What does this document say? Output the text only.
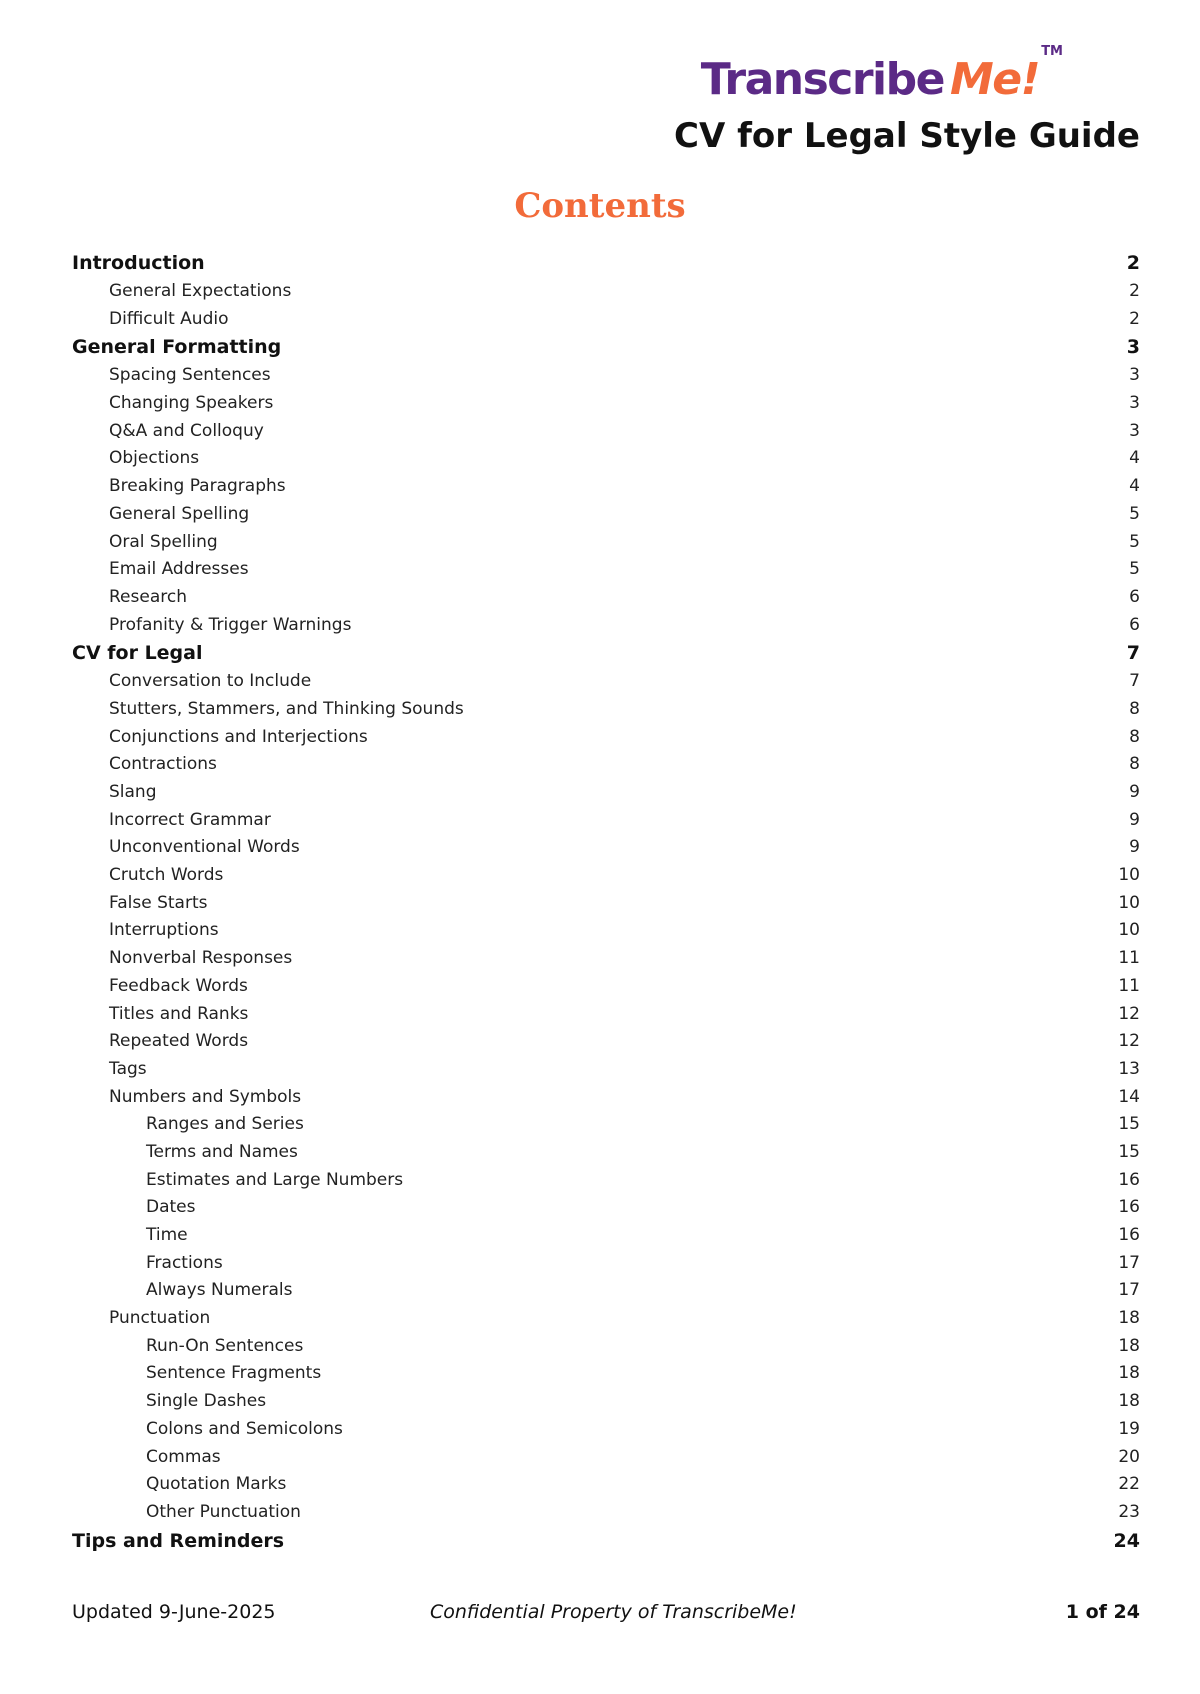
Transcribe Me!
TM
CV for Legal Style Guide
Contents
Introduction	2
General Expectations	2
Difficult Audio	2
General Formatting	3
Spacing Sentences	3
Changing Speakers	3
Q&A and Colloquy	3
Objections	4
Breaking Paragraphs	4
General Spelling	5
Oral Spelling	5
Email Addresses	5
Research	6
Profanity & Trigger Warnings	6
CV for Legal	7
Conversation to Include	7
Stutters, Stammers, and Thinking Sounds	8
Conjunctions and Interjections	8
Contractions	8
Slang	9
Incorrect Grammar	9
Unconventional Words	9
Crutch Words	10
False Starts	10
Interruptions	10
Nonverbal Responses	11
Feedback Words	11
Titles and Ranks	12
Repeated Words	12
Tags	13
Numbers and Symbols	14
Ranges and Series	15
Terms and Names	15
Estimates and Large Numbers	16
Dates	16
Time	16
Fractions	17
Always Numerals	17
Punctuation	18
Run-On Sentences	18
Sentence Fragments	18
Single Dashes	18
Colons and Semicolons	19
Commas	20
Quotation Marks	22
Other Punctuation	23
Tips and Reminders	24
Updated 9-June-2025	Confidential Property of TranscribeMe!	1 of 24
